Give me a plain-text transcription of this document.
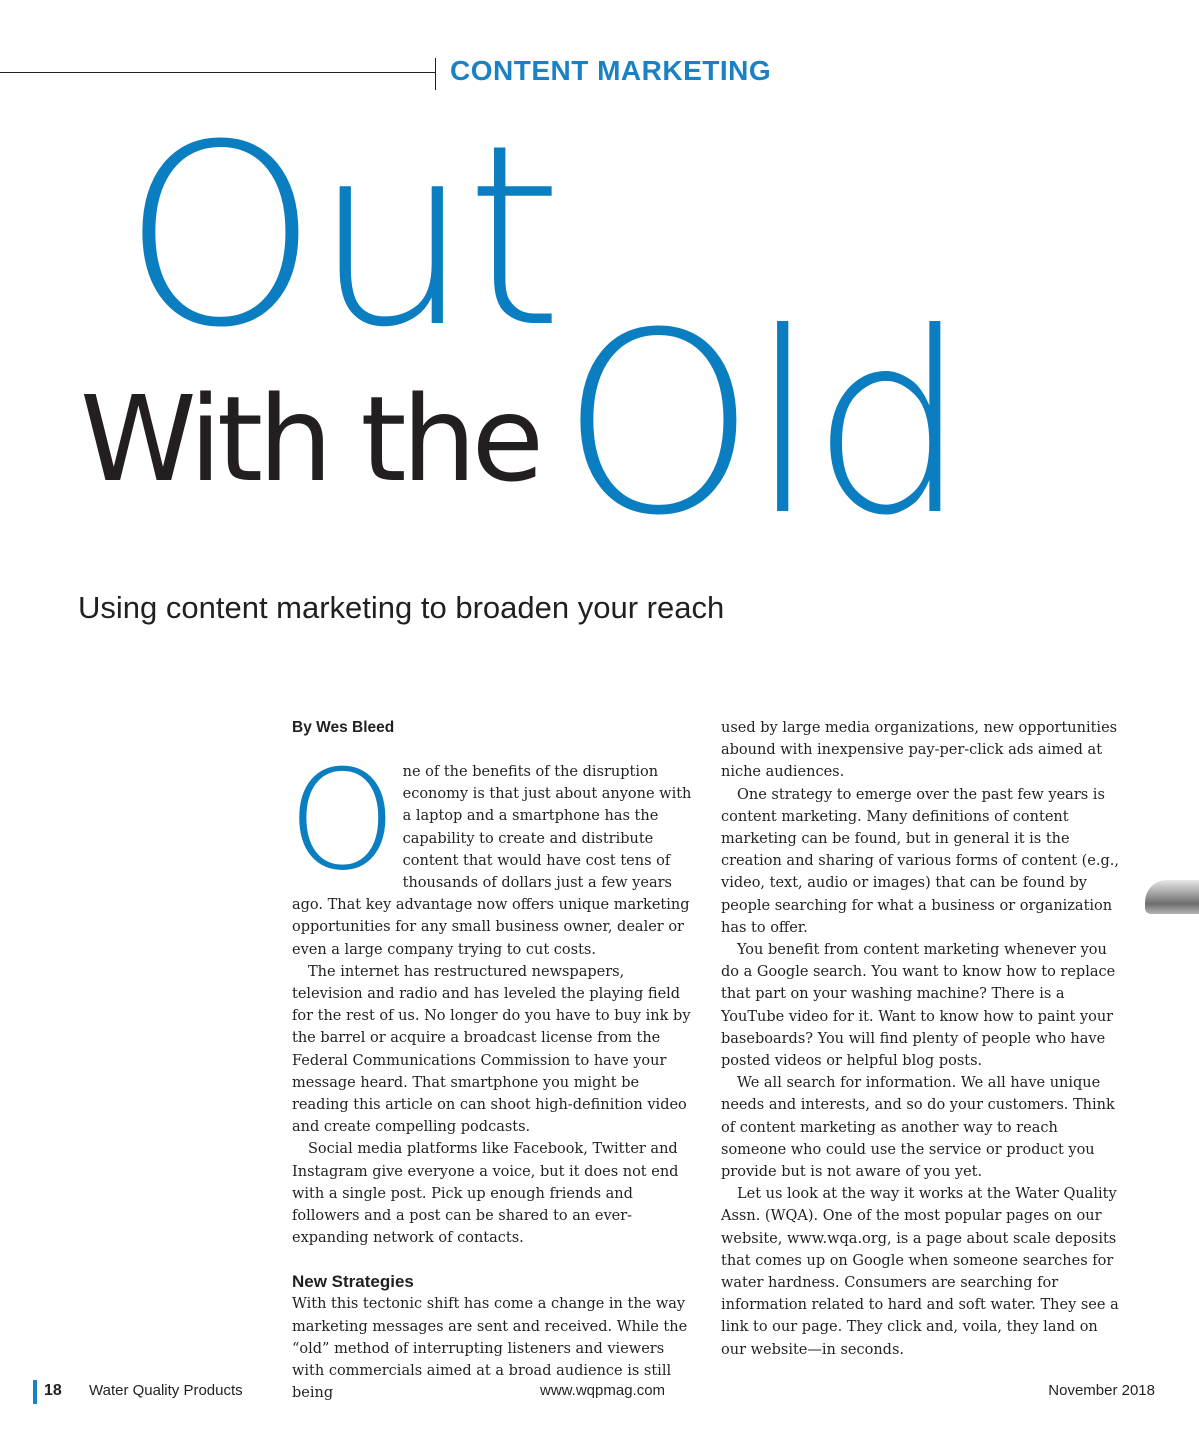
CONTENT MARKETING
Out
With the Old
Using content marketing to broaden your reach

By Wes Bleed

One of the benefits of the disruption economy is that just about anyone with a laptop and a smartphone has the capability to create and distribute content that would have cost tens of thousands of dollars just a few years ago. That key advantage now offers unique marketing opportunities for any small business owner, dealer or even a large company trying to cut costs.

The internet has restructured newspapers, television and radio and has leveled the playing field for the rest of us. No longer do you have to buy ink by the barrel or acquire a broadcast license from the Federal Communications Commission to have your message heard. That smartphone you might be reading this article on can shoot high-definition video and create compelling podcasts.

Social media platforms like Facebook, Twitter and Instagram give everyone a voice, but it does not end with a single post. Pick up enough friends and followers and a post can be shared to an ever-expanding network of contacts.

New Strategies

With this tectonic shift has come a change in the way marketing messages are sent and received. While the “old” method of interrupting listeners and viewers with commercials aimed at a broad audience is still being

used by large media organizations, new opportunities abound with inexpensive pay-per-click ads aimed at niche audiences.

One strategy to emerge over the past few years is content marketing. Many definitions of content marketing can be found, but in general it is the creation and sharing of various forms of content (e.g., video, text, audio or images) that can be found by people searching for what a business or organization has to offer.

You benefit from content marketing whenever you do a Google search. You want to know how to replace that part on your washing machine? There is a YouTube video for it. Want to know how to paint your baseboards? You will find plenty of people who have posted videos or helpful blog posts.

We all search for information. We all have unique needs and interests, and so do your customers. Think of content marketing as another way to reach someone who could use the service or product you provide but is not aware of you yet.

Let us look at the way it works at the Water Quality Assn. (WQA). One of the most popular pages on our website, www.wqa.org, is a page about scale deposits that comes up on Google when someone searches for water hardness. Consumers are searching for information related to hard and soft water. They see a link to our page. They click and, voila, they land on our website—in seconds.

18 Water Quality Products	www.wqpmag.com	November 2018
